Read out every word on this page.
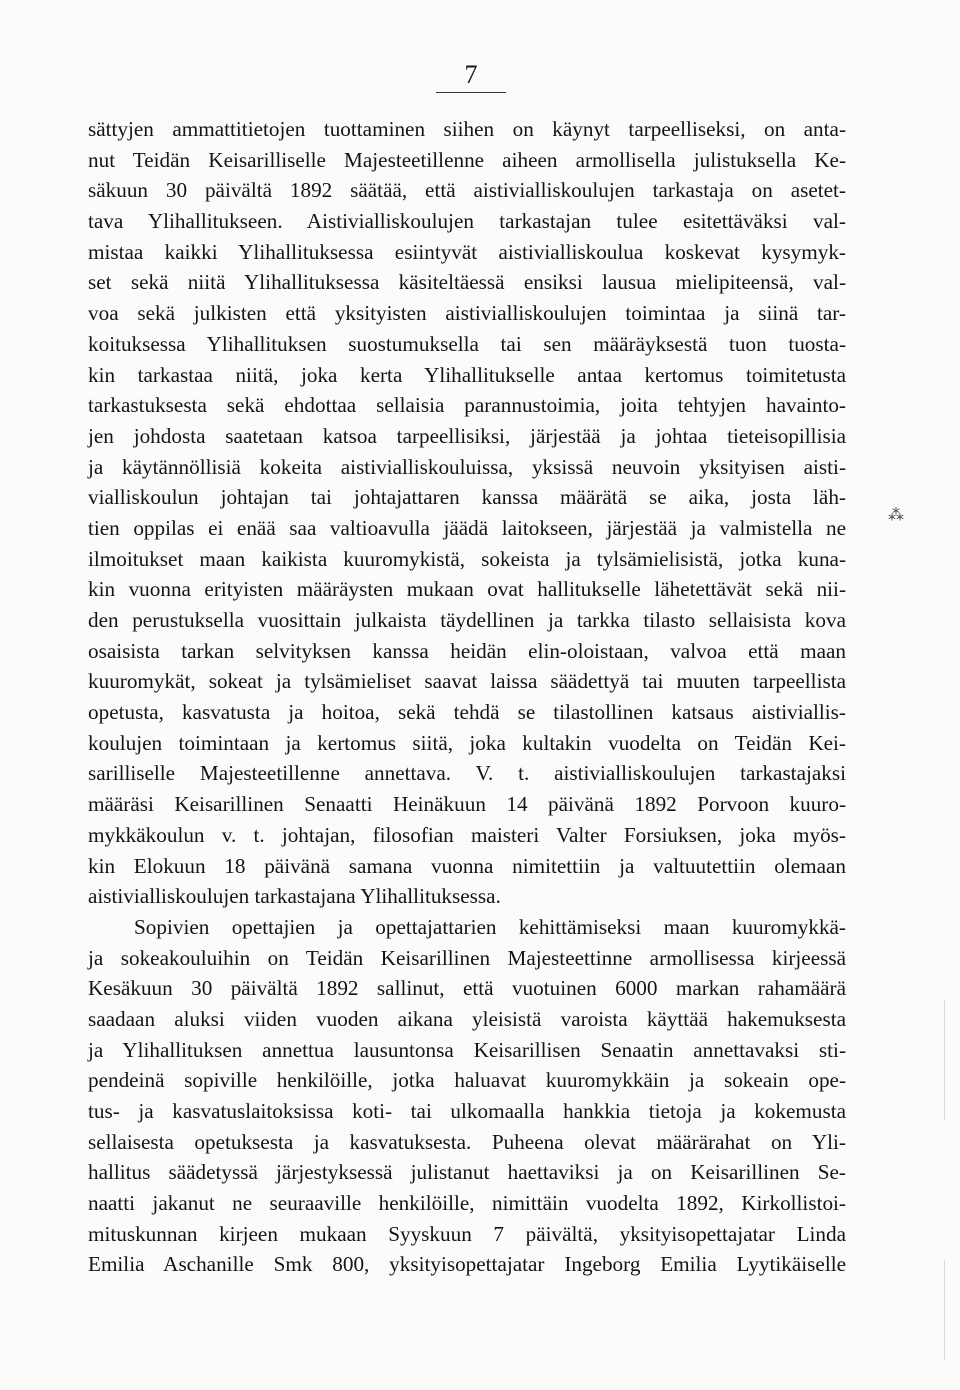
7
sättyjen ammattitietojen tuottaminen siihen on käynyt tarpeelliseksi, on anta-
nut Teidän Keisarilliselle Majesteetillenne aiheen armollisella julistuksella Ke-
säkuun 30 päivältä 1892 säätää, että aistivialliskoulujen tarkastaja on asetet-
tava Ylihallitukseen. Aistivialliskoulujen tarkastajan tulee esitettäväksi val-
mistaa kaikki Ylihallituksessa esiintyvät aistivialliskoulua koskevat kysymyk-
set sekä niitä Ylihallituksessa käsiteltäessä ensiksi lausua mielipiteensä, val-
voa sekä julkisten että yksityisten aistivialliskoulujen toimintaa ja siinä tar-
koituksessa Ylihallituksen suostumuksella tai sen määräyksestä tuon tuosta-
kin tarkastaa niitä, joka kerta Ylihallitukselle antaa kertomus toimitetusta
tarkastuksesta sekä ehdottaa sellaisia parannustoimia, joita tehtyjen havainto-
jen johdosta saatetaan katsoa tarpeellisiksi, järjestää ja johtaa tieteisopillisia
ja käytännöllisiä kokeita aistivialliskouluissa, yksissä neuvoin yksityisen aisti-
vialliskoulun johtajan tai johtajattaren kanssa määrätä se aika, josta läh-
tien oppilas ei enää saa valtioavulla jäädä laitokseen, järjestää ja valmistella ne
ilmoitukset maan kaikista kuuromykistä, sokeista ja tylsämielisistä, jotka kuna-
kin vuonna erityisten määräysten mukaan ovat hallitukselle lähetettävät sekä nii-
den perustuksella vuosittain julkaista täydellinen ja tarkka tilasto sellaisista kova
osaisista tarkan selvityksen kanssa heidän elin-oloistaan, valvoa että maan
kuuromykät, sokeat ja tylsämieliset saavat laissa säädettyä tai muuten tarpeellista
opetusta, kasvatusta ja hoitoa, sekä tehdä se tilastollinen katsaus aistiviallis-
koulujen toimintaan ja kertomus siitä, joka kultakin vuodelta on Teidän Kei-
sarilliselle Majesteetillenne annettava. V. t. aistivialliskoulujen tarkastajaksi
määräsi Keisarillinen Senaatti Heinäkuun 14 päivänä 1892 Porvoon kuuro-
mykkäkoulun v. t. johtajan, filosofian maisteri Valter Forsiuksen, joka myös-
kin Elokuun 18 päivänä samana vuonna nimitettiin ja valtuutettiin olemaan
aistivialliskoulujen tarkastajana Ylihallituksessa.
Sopivien opettajien ja opettajattarien kehittämiseksi maan kuuromykkä-
ja sokeakouluihin on Teidän Keisarillinen Majesteettinne armollisessa kirjeessä
Kesäkuun 30 päivältä 1892 sallinut, että vuotuinen 6000 markan rahamäärä
saadaan aluksi viiden vuoden aikana yleisistä varoista käyttää hakemuksesta
ja Ylihallituksen annettua lausuntonsa Keisarillisen Senaatin annettavaksi sti-
pendeinä sopiville henkilöille, jotka haluavat kuuromykkäin ja sokeain ope-
tus- ja kasvatuslaitoksissa koti- tai ulkomaalla hankkia tietoja ja kokemusta
sellaisesta opetuksesta ja kasvatuksesta. Puheena olevat määrärahat on Yli-
hallitus säädetyssä järjestyksessä julistanut haettaviksi ja on Keisarillinen Se-
naatti jakanut ne seuraaville henkilöille, nimittäin vuodelta 1892, Kirkollistoi-
mituskunnan kirjeen mukaan Syyskuun 7 päivältä, yksityisopettajatar Linda
Emilia Aschanille Smk 800, yksityisopettajatar Ingeborg Emilia Lyytikäiselle
⁂
